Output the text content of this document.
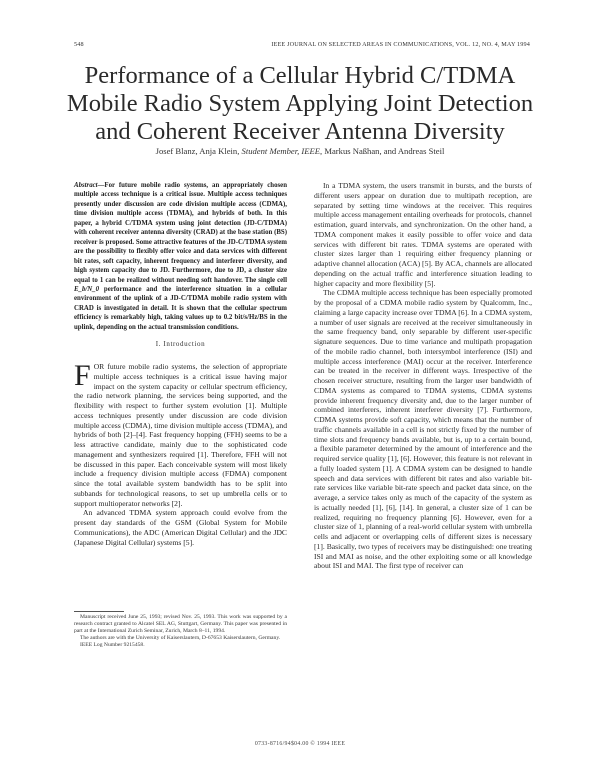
548	IEEE JOURNAL ON SELECTED AREAS IN COMMUNICATIONS, VOL. 12, NO. 4, MAY 1994
Performance of a Cellular Hybrid C/TDMA
Mobile Radio System Applying Joint Detection
and Coherent Receiver Antenna Diversity
Josef Blanz, Anja Klein, Student Member, IEEE, Markus Naßhan, and Andreas Steil
Abstract—For future mobile radio systems, an appropriately chosen multiple access technique is a critical issue. Multiple access techniques presently under discussion are code division multiple access (CDMA), time division multiple access (TDMA), and hybrids of both. In this paper, a hybrid C/TDMA system using joint detection (JD-C/TDMA) with coherent receiver antenna diversity (CRAD) at the base station (BS) receiver is proposed. Some attractive features of the JD-C/TDMA system are the possibility to flexibly offer voice and data services with different bit rates, soft capacity, inherent frequency and interferer diversity, and high system capacity due to JD. Furthermore, due to JD, a cluster size equal to 1 can be realized without needing soft handover. The single cell E_b/N_0 performance and the interference situation in a cellular environment of the uplink of a JD-C/TDMA mobile radio system with CRAD is investigated in detail. It is shown that the cellular spectrum efficiency is remarkably high, taking values up to 0.2 bit/s/Hz/BS in the uplink, depending on the actual transmission conditions.
I. Introduction

FOR future mobile radio systems, the selection of appropriate multiple access techniques is a critical issue having major impact on the system capacity or cellular spectrum efficiency, the radio network planning, the services being supported, and the flexibility with respect to further system evolution [1]. Multiple access techniques presently under discussion are code division multiple access (CDMA), time division multiple access (TDMA), and hybrids of both [2]–[4]. Fast frequency hopping (FFH) seems to be a less attractive candidate, mainly due to the sophisticated code management and synthesizers required [1]. Therefore, FFH will not be discussed in this paper. Each conceivable system will most likely include a frequency division multiple access (FDMA) component since the total available system bandwidth has to be split into subbands for technological reasons, to set up umbrella cells or to support multioperator networks [2].

An advanced TDMA system approach could evolve from the present day standards of the GSM (Global System for Mobile Communications), the ADC (American Digital Cellular) and the JDC (Japanese Digital Cellular) systems [5].

Manuscript received June 25, 1993; revised Nov. 25, 1993. This work was supported by a research contract granted to Alcatel SEL AG, Stuttgart, Germany. This paper was presented in part at the International Zurich Seminar, Zurich, March 8–11, 1994.

The authors are with the University of Kaiserslautern, D-67653 Kaiserslautern, Germany.

IEEE Log Number 9215458.

In a TDMA system, the users transmit in bursts, and the bursts of different users appear on duration due to multipath reception, are separated by setting time windows at the receiver. This requires multiple access management entailing overheads for protocols, channel estimation, guard intervals, and synchronization. On the other hand, a TDMA component makes it easily possible to offer voice and data services with different bit rates. TDMA systems are operated with cluster sizes larger than 1 requiring either frequency planning or adaptive channel allocation (ACA) [5]. By ACA, channels are allocated depending on the actual traffic and interference situation leading to higher capacity and more flexibility [5].

The CDMA multiple access technique has been especially promoted by the proposal of a CDMA mobile radio system by Qualcomm, Inc., claiming a large capacity increase over TDMA [6]. In a CDMA system, a number of user signals are received at the receiver simultaneously in the same frequency band, only separable by different user-specific signature sequences. Due to time variance and multipath propagation of the mobile radio channel, both intersymbol interference (ISI) and multiple access interference (MAI) occur at the receiver. Interference can be treated in the receiver in different ways. Irrespective of the chosen receiver structure, resulting from the larger user bandwidth of CDMA systems as compared to TDMA systems, CDMA systems provide inherent frequency diversity and, due to the larger number of combined interferers, inherent interferer diversity [7]. Furthermore, CDMA systems provide soft capacity, which means that the number of traffic channels available in a cell is not strictly fixed by the number of time slots and frequency bands available, but is, up to a certain bound, a flexible parameter determined by the amount of interference and the required service quality [1], [6]. However, this feature is not relevant in a fully loaded system [1]. A CDMA system can be designed to handle speech and data services with different bit rates and also variable bit-rate services like variable bit-rate speech and packet data since, on the average, a service takes only as much of the capacity of the system as is actually needed [1], [6], [14]. In general, a cluster size of 1 can be realized, requiring no frequency planning [6]. However, even for a cluster size of 1, planning of a real-world cellular system with umbrella cells and adjacent or overlapping cells of different sizes is necessary [1]. Basically, two types of receivers may be distinguished: one treating ISI and MAI as noise, and the other exploiting some or all knowledge about ISI and MAI. The first type of receiver can

0733-8716/94$04.00 © 1994 IEEE
